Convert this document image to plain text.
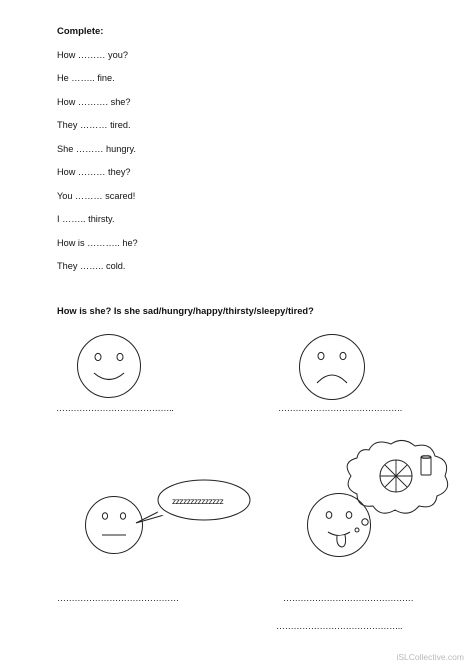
Complete:
How ……… you?
He …….. fine.
How ………. she?
They ……… tired.
She ……… hungry.
How ……… they?
You ……… scared!
I …….. thirsty.
How is ……….. he?
They …….. cold.
How is she? Is she sad/hungry/happy/thirsty/sleepy/tired?
…………………………………..	…………………………………….
zzzzzzzzzzzzzz
……………………………………	………………………………………
……………………………………..
iSLCollective.com
